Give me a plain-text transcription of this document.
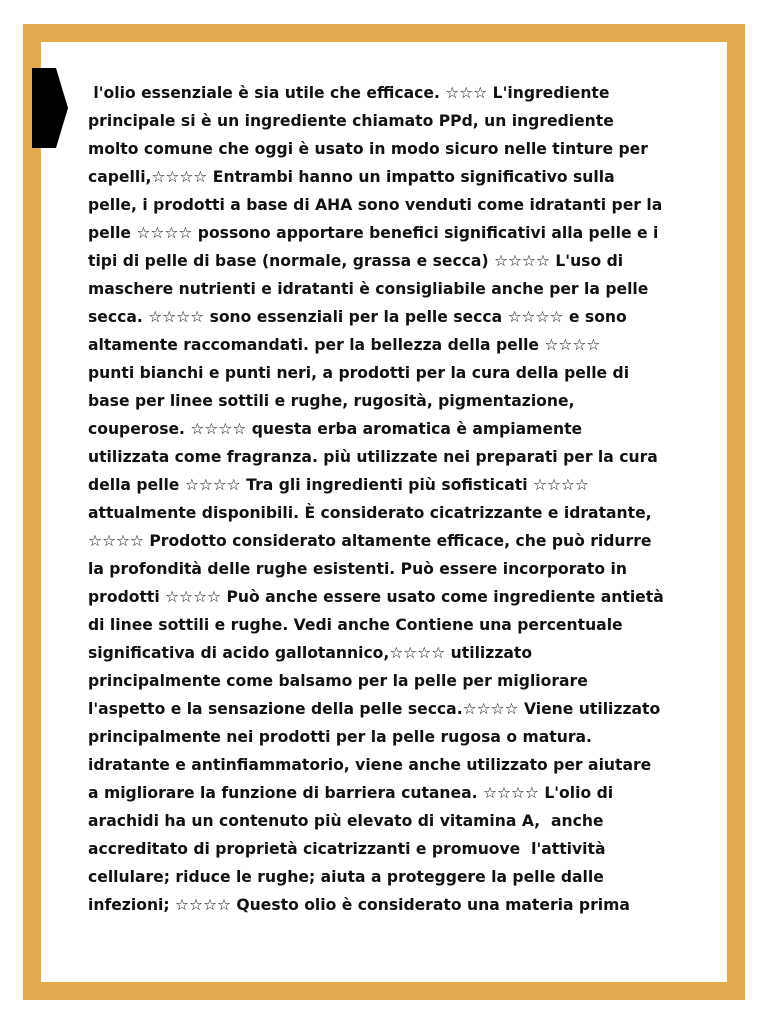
l'olio essenziale è sia utile che efficace. ☆☆☆ L'ingrediente
principale si è un ingrediente chiamato PPd, un ingrediente
molto comune che oggi è usato in modo sicuro nelle tinture per
capelli,☆☆☆☆ Entrambi hanno un impatto significativo sulla
pelle, i prodotti a base di AHA sono venduti come idratanti per la
pelle ☆☆☆☆ possono apportare benefici significativi alla pelle e i
tipi di pelle di base (normale, grassa e secca) ☆☆☆☆ L'uso di
maschere nutrienti e idratanti è consigliabile anche per la pelle
secca. ☆☆☆☆ sono essenziali per la pelle secca ☆☆☆☆ e sono
altamente raccomandati. per la bellezza della pelle ☆☆☆☆
punti bianchi e punti neri, a prodotti per la cura della pelle di
base per linee sottili e rughe, rugosità, pigmentazione,
couperose. ☆☆☆☆ questa erba aromatica è ampiamente
utilizzata come fragranza. più utilizzate nei preparati per la cura
della pelle ☆☆☆☆ Tra gli ingredienti più sofisticati ☆☆☆☆
attualmente disponibili. È considerato cicatrizzante e idratante,
☆☆☆☆ Prodotto considerato altamente efficace, che può ridurre
la profondità delle rughe esistenti. Può essere incorporato in
prodotti ☆☆☆☆ Può anche essere usato come ingrediente antietà
di linee sottili e rughe. Vedi anche Contiene una percentuale
significativa di acido gallotannico,☆☆☆☆ utilizzato
principalmente come balsamo per la pelle per migliorare
l'aspetto e la sensazione della pelle secca.☆☆☆☆ Viene utilizzato
principalmente nei prodotti per la pelle rugosa o matura.
idratante e antinfiammatorio, viene anche utilizzato per aiutare
a migliorare la funzione di barriera cutanea. ☆☆☆☆ L'olio di
arachidi ha un contenuto più elevato di vitamina A,  anche
accreditato di proprietà cicatrizzanti e promuove  l'attività
cellulare; riduce le rughe; aiuta a proteggere la pelle dalle
infezioni; ☆☆☆☆ Questo olio è considerato una materia prima
